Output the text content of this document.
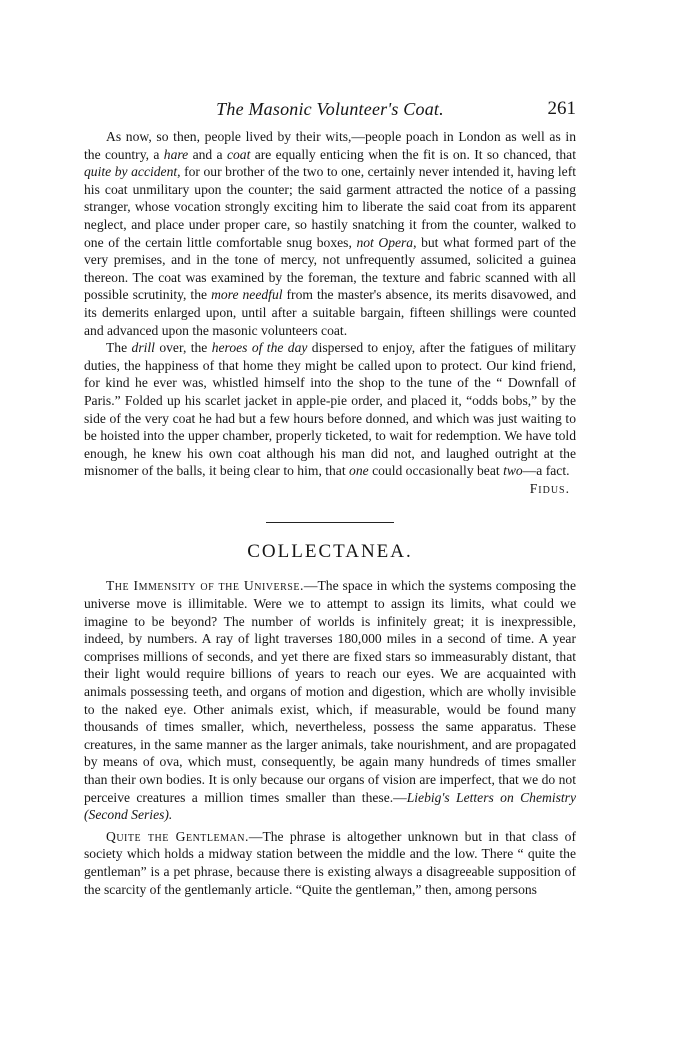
The Masonic Volunteer's Coat.	261

As now, so then, people lived by their wits,—people poach in London as well as in the country, a hare and a coat are equally enticing when the fit is on. It so chanced, that quite by accident, for our brother of the two to one, certainly never intended it, having left his coat unmilitary upon the counter; the said garment attracted the notice of a passing stranger, whose vocation strongly exciting him to liberate the said coat from its apparent neglect, and place under proper care, so hastily snatching it from the counter, walked to one of the certain little comfortable snug boxes, not Opera, but what formed part of the very premises, and in the tone of mercy, not unfrequently assumed, solicited a guinea thereon. The coat was examined by the foreman, the texture and fabric scanned with all possible scrutinity, the more needful from the master's absence, its merits disavowed, and its demerits enlarged upon, until after a suitable bargain, fifteen shillings were counted and advanced upon the masonic volunteers coat.

The drill over, the heroes of the day dispersed to enjoy, after the fatigues of military duties, the happiness of that home they might be called upon to protect. Our kind friend, for kind he ever was, whistled himself into the shop to the tune of the “ Downfall of Paris.” Folded up his scarlet jacket in apple-pie order, and placed it, “odds bobs,” by the side of the very coat he had but a few hours before donned, and which was just waiting to be hoisted into the upper chamber, properly ticketed, to wait for redemption. We have told enough, he knew his own coat although his man did not, and laughed outright at the misnomer of the balls, it being clear to him, that one could occasionally beat two—a fact.

Fidus.

COLLECTANEA.

The Immensity of the Universe.—The space in which the systems composing the universe move is illimitable. Were we to attempt to assign its limits, what could we imagine to be beyond? The number of worlds is infinitely great; it is inexpressible, indeed, by numbers. A ray of light traverses 180,000 miles in a second of time. A year comprises millions of seconds, and yet there are fixed stars so immeasurably distant, that their light would require billions of years to reach our eyes. We are acquainted with animals possessing teeth, and organs of motion and digestion, which are wholly invisible to the naked eye. Other animals exist, which, if measurable, would be found many thousands of times smaller, which, nevertheless, possess the same apparatus. These creatures, in the same manner as the larger animals, take nourishment, and are propagated by means of ova, which must, consequently, be again many hundreds of times smaller than their own bodies. It is only because our organs of vision are imperfect, that we do not perceive creatures a million times smaller than these.—Liebig's Letters on Chemistry (Second Series).

Quite the Gentleman.—The phrase is altogether unknown but in that class of society which holds a midway station between the middle and the low. There “ quite the gentleman” is a pet phrase, because there is existing always a disagreeable supposition of the scarcity of the gentlemanly article. “Quite the gentleman,” then, among persons
